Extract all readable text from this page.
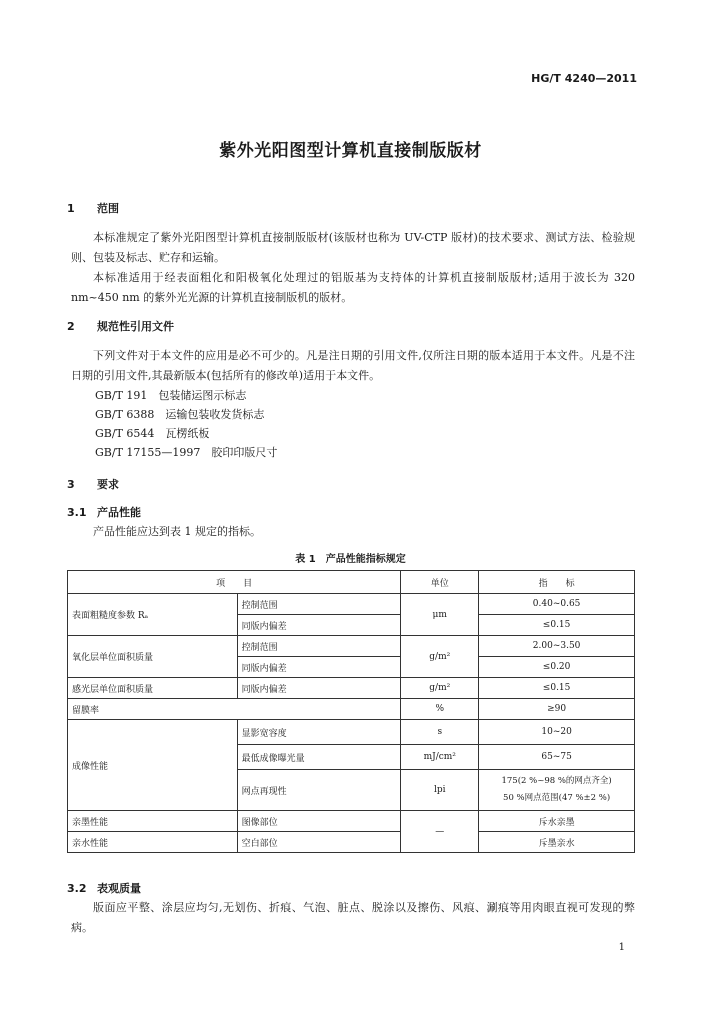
HG/T 4240—2011
紫外光阳图型计算机直接制版版材
1 范围

本标准规定了紫外光阳图型计算机直接制版版材(该版材也称为 UV-CTP 版材)的技术要求、测试方法、检验规则、包装及标志、贮存和运输。

本标准适用于经表面粗化和阳极氧化处理过的铝版基为支持体的计算机直接制版版材;适用于波长为 320 nm~450 nm 的紫外光光源的计算机直接制版机的版材。

2 规范性引用文件

下列文件对于本文件的应用是必不可少的。凡是注日期的引用文件,仅所注日期的版本适用于本文件。凡是不注日期的引用文件,其最新版本(包括所有的修改单)适用于本文件。

GB/T 191　包装储运图示标志
GB/T 6388　运输包装收发货标志
GB/T 6544　瓦楞纸板
GB/T 17155—1997　胶印印版尺寸
3 要求
3.1 产品性能

产品性能应达到表 1 规定的指标。

表 1　产品性能指标规定
项　　目		单位	指　　标
表面粗糙度参数 Rₐ	控制范围	μm	0.40~0.65
	同版内偏差		≤0.15
氧化层单位面积质量	控制范围	g/m²	2.00~3.50
	同版内偏差		≤0.20
感光层单位面积质量	同版内偏差	g/m²	≤0.15
留膜率		%	≥90
成像性能	显影宽容度	s	10~20
	最低成像曝光量	mJ/cm²	65~75
	网点再现性	lpi	175(2 %~98 %的网点齐全)
50 %网点范围(47 %±2 %)

亲墨性能	图像部位	—	斥水亲墨
亲水性能	空白部位		斥墨亲水
3.2 表观质量

版面应平整、涂层应均匀,无划伤、折痕、气泡、脏点、脱涂以及擦伤、风痕、涮痕等用肉眼直视可发现的弊病。

1
